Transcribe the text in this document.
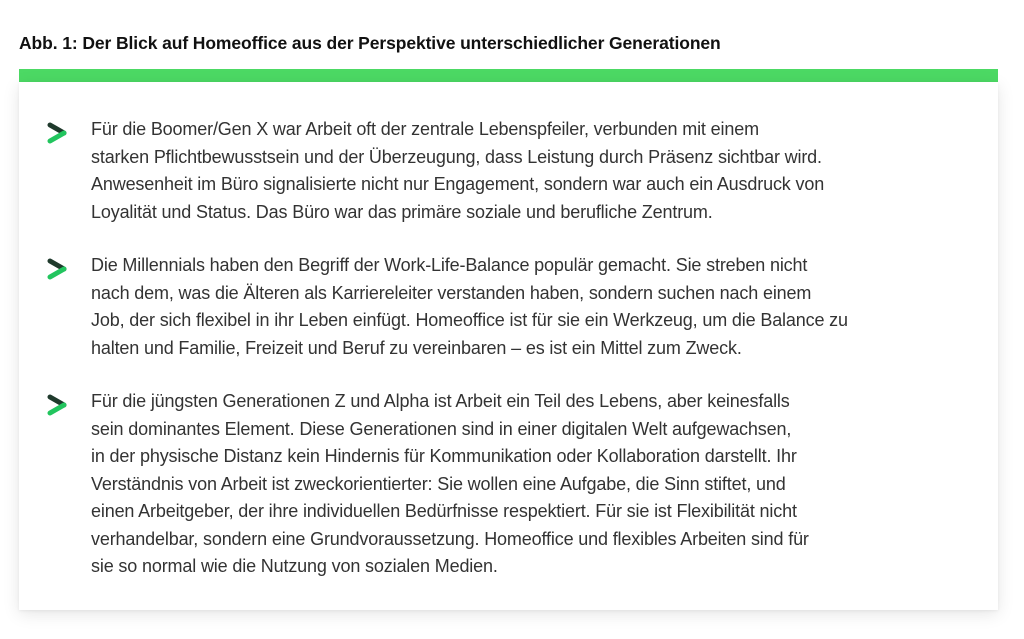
Abb. 1: Der Blick auf Homeoffice aus der Perspektive unterschiedlicher Generationen

Für die Boomer/Gen X war Arbeit oft der zentrale Lebenspfeiler, verbunden mit einem
starken Pflichtbewusstsein und der Überzeugung, dass Leistung durch Präsenz sichtbar wird.
Anwesenheit im Büro signalisierte nicht nur Engagement, sondern war auch ein Ausdruck von
Loyalität und Status. Das Büro war das primäre soziale und berufliche Zentrum.

Die Millennials haben den Begriff der Work-Life-Balance populär gemacht. Sie streben nicht
nach dem, was die Älteren als Karriereleiter verstanden haben, sondern suchen nach einem
Job, der sich flexibel in ihr Leben einfügt. Homeoffice ist für sie ein Werkzeug, um die Balance zu
halten und Familie, Freizeit und Beruf zu vereinbaren – es ist ein Mittel zum Zweck.

Für die jüngsten Generationen Z und Alpha ist Arbeit ein Teil des Lebens, aber keinesfalls
sein dominantes Element. Diese Generationen sind in einer digitalen Welt aufgewachsen,
in der physische Distanz kein Hindernis für Kommunikation oder Kollaboration darstellt. Ihr
Verständnis von Arbeit ist zweckorientierter: Sie wollen eine Aufgabe, die Sinn stiftet, und
einen Arbeitgeber, der ihre individuellen Bedürfnisse respektiert. Für sie ist Flexibilität nicht
verhandelbar, sondern eine Grundvoraussetzung. Homeoffice und flexibles Arbeiten sind für
sie so normal wie die Nutzung von sozialen Medien.
